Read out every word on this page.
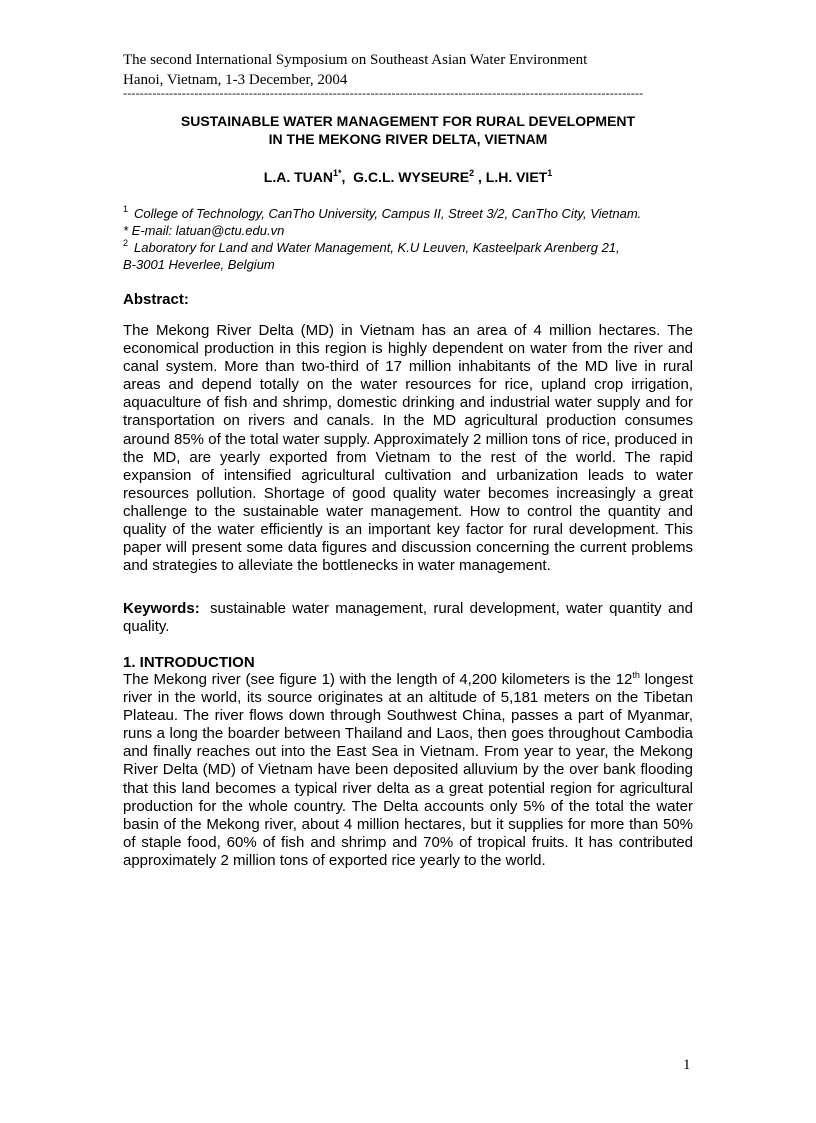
The second International Symposium on Southeast Asian Water Environment
Hanoi, Vietnam, 1-3 December, 2004
----------------------------------------------------------------------------------------------------------------------------
SUSTAINABLE WATER MANAGEMENT FOR RURAL DEVELOPMENT
IN THE MEKONG RIVER DELTA, VIETNAM
L.A. $TUAN^{1*}$,  G.C.L. WYSEURE$^2$ , L.H. VIET$^1$
$^1$ College of Technology, CanTho University, Campus II, Street 3/2, CanTho City, Vietnam.
* E-mail: latuan@ctu.edu.vn
$^2$ Laboratory for Land and Water Management, K.U Leuven, Kasteelpark Arenberg 21,
B-3001 Heverlee, Belgium
Abstract:
The Mekong River Delta (MD) in Vietnam has an area of 4 million hectares. The economical production in this region is highly dependent on water from the river and canal system. More than two-third of 17 million inhabitants of the MD live in rural areas and depend totally on the water resources for rice, upland crop irrigation, aquaculture of fish and shrimp, domestic drinking and industrial water supply and for transportation on rivers and canals. In the MD agricultural production consumes around 85% of the total water supply. Approximately 2 million tons of rice, produced in the MD, are yearly exported from Vietnam to the rest of the world. The rapid expansion of intensified agricultural cultivation and urbanization leads to water resources pollution. Shortage of good quality water becomes increasingly a great challenge to the sustainable water management. How to control the quantity and quality of the water efficiently is an important key factor for rural development. This paper will present some data figures and discussion concerning the current problems and strategies to alleviate the bottlenecks in water management.
Keywords: sustainable water management, rural development, water quantity and quality.
1. INTRODUCTION
The Mekong river (see figure 1) with the length of 4,200 kilometers is the 12th longest river in the world, its source originates at an altitude of 5,181 meters on the Tibetan Plateau. The river flows down through Southwest China, passes a part of Myanmar, runs a long the boarder between Thailand and Laos, then goes throughout Cambodia and finally reaches out into the East Sea in Vietnam. From year to year, the Mekong River Delta (MD) of Vietnam have been deposited alluvium by the over bank flooding that this land becomes a typical river delta as a great potential region for agricultural production for the whole country. The Delta accounts only 5% of the total the water basin of the Mekong river, about 4 million hectares, but it supplies for more than 50% of staple food, 60% of fish and shrimp and 70% of tropical fruits. It has contributed approximately 2 million tons of exported rice yearly to the world.
1
